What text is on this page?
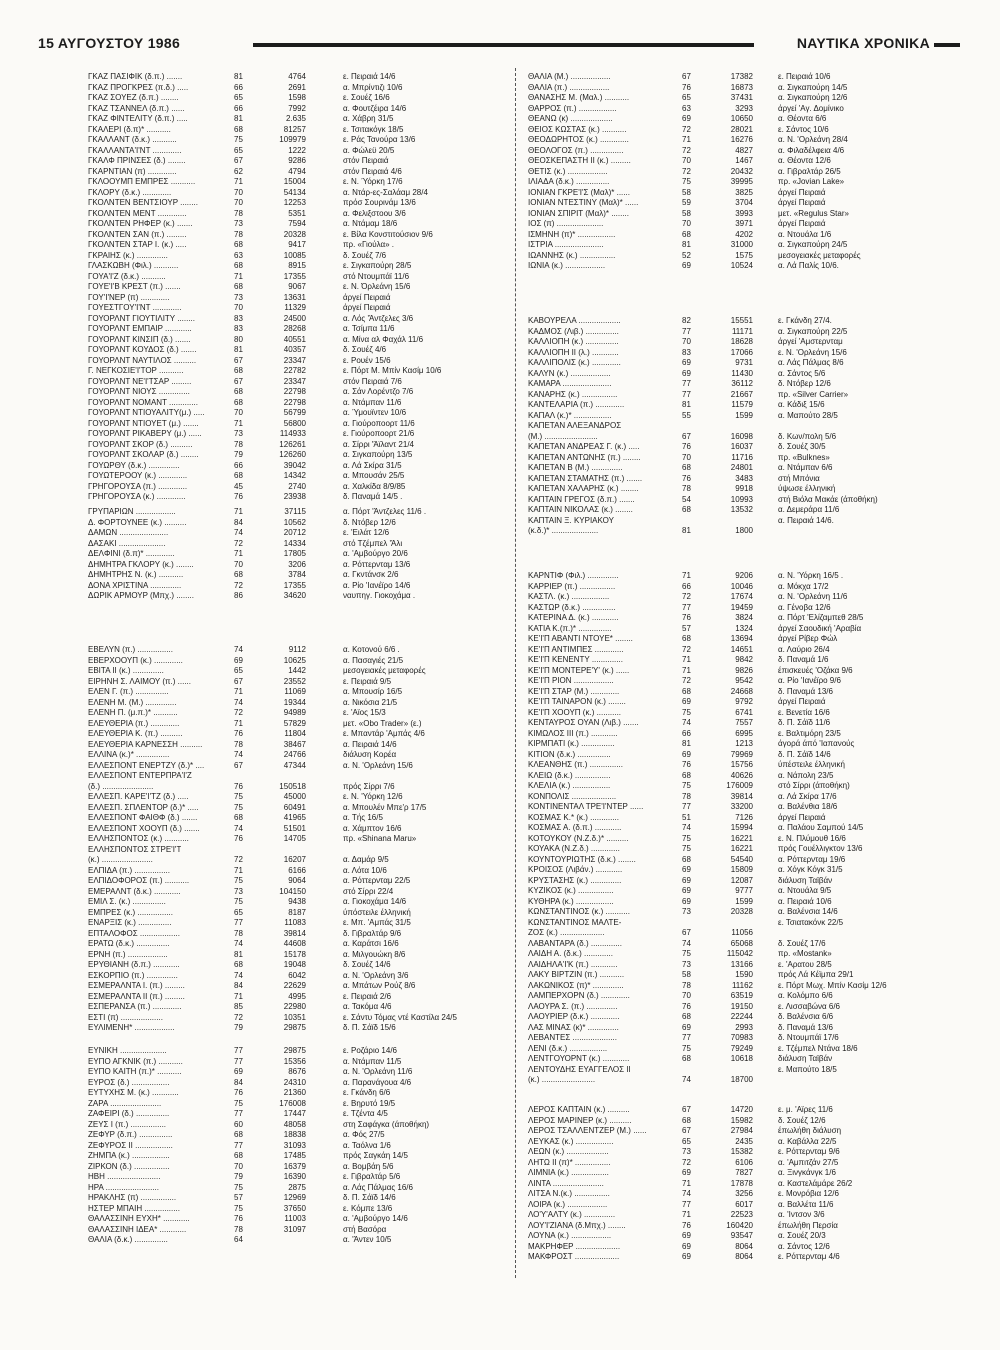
15 ΑΥΓΟΥΣΤΟΥ 1986	ΝΑΥΤΙΚΑ ΧΡΟΝΙΚΑ
ΓΚΑΖ ΠΑΣΙΦΙΚ (δ.π.) .......	81	4764	ε. Πειραιά 14/6
ΓΚΑΖ ΠΡΟΓΚΡΕΣ (π.δ.) .....	66	2691	α. Μπρίντιζι 10/6
ΓΚΑΖ ΣΟΥΕΖ (δ.π.) ........	65	1598	ε. Σουέζ 16/6
ΓΚΑΖ ΤΣΑΝΝΕΛ (δ.π.) ......	66	7992	α. Φουτζέιρα 14/6
ΓΚΑΖ ΦΙΝΤΕΛΙΤΥ (δ.π.) .....	81	2.635	α. Χάβρη 31/5
ΓΚΑΛΕΡΙ (δ.π)* ...........	68	81257	ε. Τσιτακόγκ 18/5
ΓΚΑΛΛΑΝΤ (δ.κ.) ...........	75	109979	ε. Ράς Τανούρα 13/6
ΓΚΑΛΛΑΝΤΑ'Ι'ΝΤ .............	65	1222	α. Φώλεϋ 20/5
ΓΚΑΛΦ ΠΡΙΝΣΕΣ (δ.) ........	67	9286	στόν Πειραιά
ΓΚΑΡΝΤΙΑΝ (π) .............	62	4794	στόν Πειραιά 4/6
ΓΚΛΟΟΥΜΠ ΕΜΠΡΕΣ ...........	71	15004	ε. Ν. Ύόρκη 17/6
ΓΚΛΟΡΥ (δ.κ.) .............	70	54134	α. Ντάρ-ες-Σαλάαμ 28/4
ΓΚΟΛΝΤΕΝ ΒΕΝΤΣΙΟΥΡ ........	70	12253	πρόσ Σουρινάμ 13/6
ΓΚΟΛΝΤΕΝ ΜΕΝΤ .............	78	5351	α. Φελιξστοου 3/6
ΓΚΟΛΝΤΕΝ ΡΗΦΕΡ (κ.) .......	73	7594	α. Ντάμαμ 18/6
ΓΚΟΛΝΤΕΝ ΣΑΝ (π.) .........	78	20328	ε. Βίλα Κονστιτούσιον 9/6
ΓΚΟΛΝΤΕΝ ΣΤΑΡ Ι. (κ.) .....	68	9417	πρ. «Γιούλα» .
ΓΚΡΑΙΗΣ (κ.) ..............	63	10085	δ. Σουέζ 7/6
ΓΛΑΣΚΩΒΗ (Φιλ.) ...........	68	8915	ε. Σιγκαπούρη 28/5
ΓΟΥΑ'Ι'Ζ (δ.κ.) ...........	71	17355	στό Ντουμπάϊ 11/6
ΓΟΥΕ'Ι'Β ΚΡΕΣΤ (π.) .......	68	9067	ε. Ν. Όρλεάνη 15/6
ΓΟΥ'Ι'ΝΕΡ (π) .............	73	13631	άργεί Πειραιά
ΓΟΥΕΣΤΓΟΥ'Ι'ΝΤ .............	70	11329	άργεί Πειραιά
ΓΟΥΟΡΛΝΤ ΓΙΟΥΤΙΛΙΤΥ ........	83	24500	α. Λός 'Άντζελες 3/6
ΓΟΥΟΡΛΝΤ ΕΜΠΑΙΡ ............	83	28268	α. Τσίμπα 11/6
ΓΟΥΟΡΛΝΤ ΚΙΝΣΙΠ (δ.) .......	80	40551	α. Μίνα αλ Φαχάλ 11/6
ΓΟΥΟΡΛΝΤ ΚΟΥΔΟΣ (δ.) .......	81	40357	δ. Σουέζ 4/6
ΓΟΥΟΡΛΝΤ ΝΑΥΤΙΛΟΣ ..........	67	23347	ε. Ρουέν 15/6
Γ. ΝΕΓΚΟΣΙΕ'Ι'ΤΟΡ ...........	68	22782	ε. Πόρτ Μ. Μπίν Κασίμ 10/6
ΓΟΥΟΡΛΝΤ ΝΕ'Ι'ΤΣΑΡ .........	67	23347	στόν Πειραιά 7/6
ΓΟΥΟΡΛΝΤ ΝΙΟΥΣ ..............	68	22798	α. Σάν Λορέντζο 7/6
ΓΟΥΟΡΛΝΤ ΝΟΜΑΝΤ .............	68	22798	α. Ντάμπαν 11/6
ΓΟΥΟΡΛΝΤ ΝΤΙΟΥΑΛΙΤΥ(μ.) .....	70	56799	α. Ύμουϊντεν 10/6
ΓΟΥΟΡΛΝΤ ΝΤΙΟΥΕΤ (μ.) .......	71	56800	α. Γιούροποορτ 11/6
ΓΟΥΟΡΛΝΤ ΡΙΚΑΒΕΡΥ (μ.) ......	73	114933	ε. Γιούροποορτ 21/6
ΓΟΥΟΡΛΝΤ ΣΚΟΡ (δ.) ..........	78	126261	α. Σίρρι 'Άϊλαντ 21/4
ΓΟΥΟΡΛΝΤ ΣΚΟΛΑΡ (δ.) ........	79	126260	α. Σιγκαπούρη 13/5
ΓΟΥΩΡΘΥ (δ.κ.) ..............	66	39042	α. Λά Σκίρα 31/5
ΓΟΥΩΤΕΡΟΟΥ (κ.) .............	68	14342	α. Μπουσάν 25/5
ΓΡΗΓΟΡΟΥΣΑ (π.) .............	45	2740	α. Χαλκίδα 8/9/85
ΓΡΗΓΟΡΟΥΣΑ (κ.) .............	76	23938	δ. Παναμά 14/5 .
ΓΡΥΠΑΡΙΩΝ ..................	71	37115	α. Πόρτ 'Άντζελες 11/6 .
Δ. ΦΟΡΤΟΥΝΕΕ (κ.) ..........	84	10562	δ. Ντόβερ 12/6
ΔΑΜΩΝ ......................	74	20712	ε. 'Ειλάτ 12/6
ΔΑΣΑΚΙ .....................	72	14334	στό Τζέμπελ 'Άλι
ΔΕΛΦΙΝΙ (δ.π)* .............	71	17805	α. 'Αμβούργο 20/6
ΔΗΜΗΤΡΑ ΓΚΛΟΡΥ (κ.) ........	70	3206	α. Ρόττερνταμ 13/6
ΔΗΜΗΤΡΗΣ Ν. (κ.) ...........	68	3784	α. Γκντάνσκ 2/6
ΔΟΝΑ ΧΡΙΣΤΙΝΑ ..............	72	17355	α. Ρίο 'Ιανέϊρο 14/6
ΔΩΡΙΚ ΑΡΜΟΥΡ (Μπχ.) ........	86	34620	ναυπηγ. Γιοκοχάμα .
ΕΒΕΛΥΝ (π.) ................	74	9112	α. Κοτονού 6/6 .
ΕΒΕΡΧΟΟΥΠ (κ.) .............	69	10625	α. Πασαγιές 21/5
ΕΒΙΤΑ ΙΙ (κ.) ..............	65	1442	μεσογειακές μεταφορές
ΕΙΡΗΝΗ Σ. ΛΑΙΜΟΥ (π.) ......	67	23552	ε. Πειραιά 9/5
ΕΛΕΝ Γ. (π.) ...............	71	11069	α. Μπουσίρ 16/5
ΕΛΕΝΗ Μ. (Μ.) ..............	74	19344	α. Νικόσια 21/5
ΕΛΕΝΗ Π. (μ.π.)* ...........	72	94989	ε. 'Αϊος 15/3
ΕΛΕΥΘΕΡΙΑ (π.) .............	71	57829	μετ. «Obo Trader» (ε.)
ΕΛΕΥΘΕΡΙΑ Κ. (π.) ..........	76	11804	ε. Μπαντάρ 'Αμπάς 4/6
ΕΛΕΥΘΕΡΙΑ ΚΑΡΝΕΣΣΗ ..........	78	38467	α. Πειραιά 14/6
ΕΛΛΙΝΑ (κ.)* ...............	74	24766	διάλυση Κορέα
ΕΛΛΕΣΠΟΝΤ ΕΝΕΡΤΖΥ (δ.)* ....	67	47344	α. Ν. 'Ορλεάνη 15/6
ΕΛΛΕΣΠΟΝΤ ΕΝΤΕΡΠΡΑ'Ι'Ζ
(δ.) .......................	76	150518	πρός Σίρρι 7/6
ΕΛΛΕΣΠ. ΚΑΡΕ'Ι'ΤΖ (δ.) .....	75	45000	ε. Ν. 'Υόρκη 12/6
ΕΛΛΕΣΠ. ΣΠΛΕΝΤΟΡ (δ.)* .....	75	60491	α. Μπουλέν Μπε'ρ 17/5
ΕΛΛΕΣΠΟΝΤ ΦΑΙΘΦ (δ.) .......	68	41965	α. Τής 16/5
ΕΛΛΕΣΠΟΝΤ ΧΟΟΥΠ (δ.) .......	74	51501	α. Χάμπτον 16/6
ΕΛΛΗΣΠΟΝΤΟΣ (κ.) ...........	76	14705	πρ. «Shinana Maru»
ΕΛΛΗΣΠΟΝΤΟΣ ΣΤΡΕ'Ι'Τ
(κ.) .......................	72	16207	α. Δαμάρ 9/5
ΕΛΠΙΔΑ (π.) ................	71	6166	α. Λότα 10/6
ΕΛΠΙΔΟΦΟΡΟΣ (π.) ...........	75	9064	α. Ρόττερνταμ 22/5
ΕΜΕΡΑΛΝΤ (δ.κ.) ............	73	104150	στό Σίρρι 22/4
ΕΜΙΛ Σ. (κ.) ...............	75	9438	α. Γιοκοχάμα 14/6
ΕΜΠΡΕΣ (κ.) ................	65	8187	ύπόστειλε έλληνική
ΕΝΑΡΞΙΣ (κ.) ...............	77	11083	ε. Μπ. 'Αμπάς 31/5
ΕΠΤΑΛΟΦΟΣ ..................	78	39814	δ. Γιβραλτάρ 9/6
ΕΡΑΤΩ (δ.κ.) ...............	74	44608	α. Καράτσι 16/6
ΕΡΝΗ (π.) ..................	81	15178	α. Μιλγουώκη 8/6
ΕΡΥΘΙΑΝΗ (δ.π.) ............	68	19048	δ. Σουέζ 14/6
ΕΣΚΟΡΠΙΟ (π.) ..............	74	6042	α. Ν. 'Ορλεάνη 3/6
ΕΣΜΕΡΑΛΝΤΑ Ι. (π.) .........	84	22629	α. Μπάτων Ρούζ 8/6
ΕΣΜΕΡΑΛΝΤΑ ΙΙ (π.) .........	71	4995	ε. Πειραιά 2/6
ΕΣΠΕΡΑΝΣΑ (π.) .............	85	22980	α. Τακόμα 4/6
ΕΣΤΙ (π) ...................	72	10351	ε. Σάντυ Τόμας ντέ Καστίλα 24/5
ΕΥΛΙΜΕΝΗ* ..................	79	29875	δ. Π. Σάϊδ 15/6
ΕΥΝΙΚΗ .....................	77	29875	ε. Ροζάριο 14/6
ΕΥΠΟ ΑΓΚΝΙΚ (π.) ...........	77	15356	α. Ντάμπαν 11/5
ΕΥΠΟ ΚΑΙΤΗ (π.)* ...........	69	8676	α. Ν. 'Ορλεάνη 11/6
ΕΥΡΟΣ (δ.) .................	84	24310	α. Παρανάγουα 4/6
ΕΥΤΥΧΗΣ Μ. (κ.) ............	76	21360	ε. Γκάνδη 6/6
ΖΑΡΑ .......................	75	176008	ε. Βηρυτό 19/5
ΖΑΦΕΙΡΙ (δ.) ...............	77	17447	ε. Τζέντα 4/5
ΖΕΥΣ Ι (π.) ................	60	48058	στη Σαφάγκα (άποθήκη)
ΖΕΦΥΡ (δ.π.) ...............	68	18838	α. Φός 27/5
ΖΕΦΥΡΟΣ ΙΙ .................	77	31093	α. Ταόλνα 1/6
ΖΗΜΠΑ (κ.) .................	68	17485	πρός Σαγκάη 14/5
ΖΙΡΚΟΝ (δ.) ................	70	16379	α. Βομβάη 5/6
ΗΒΗ ........................	79	16390	ε. Γιβραλτάρ 5/6
ΗΡΑ ........................	75	2875	α. Λάς Πάλμας 16/6
ΗΡΑΚΛΗΣ (π) ................	57	12969	δ. Π. Σάϊδ 14/6
ΗΣΤΕΡ ΜΠΑΙΗ ................	75	37650	ε. Κόμπε 13/6
ΘΑΛΑΣΣΙΝΗ ΕΥΧΗ* ............	76	11003	α. 'Αμβούργο 14/6
ΘΑΛΑΣΣΙΝΗ ΙΔΕΑ* ............	78	31097	στή Βασόρα
ΘΑΛΙΑ (δ.κ.) ...............	64	α. 'Άντεν 10/5
ΘΑΛΙΑ (Μ.) ..................	67	17382	ε. Πειραιά 10/6
ΘΑΛΙΑ (π.) ..................	76	16873	α. Σιγκαπούρη 14/5
ΘΑΝΑΣΗΣ Μ. (Μαλ.) ...........	65	37431	α. Σιγκαπούρη 12/6
ΘΑΡΡΟΣ (π.) .................	63	3293	άργεί 'Αγ. Δομίνικο
ΘΕΑΝΩ (κ) ...................	69	10650	α. Θέοντα 6/6
ΘΕΙΟΣ ΚΩΣΤΑΣ (κ.) ...........	72	28021	ε. Σάντος 10/6
ΘΕΟΔΩΡΗΤΟΣ (κ.) .............	71	16276	α. Ν. 'Ορλεάνη 28/4
ΘΕΟΛΟΓΟΣ (π.) ...............	72	4827	α. Φιλαδέλφεια 4/6
ΘΕΟΣΚΕΠΑΣΤΗ ΙΙ (κ.) .........	70	1467	α. Θέοντα 12/6
ΘΕΤΙΣ (κ.) ..................	72	20432	α. Γιβραλτάρ 26/5
ΙΛΙΑΔΑ (δ.κ.) ...............	75	39995	πρ. «Jovian Lake»
ΙΟΝΙΑΝ ΓΚΡΕ'Ι'Σ (Μαλ)* ......	58	3825	άργεί Πειραιά
ΙΟΝΙΑΝ ΝΤΕΣΤΙΝΥ (Μαλ)* ......	59	3704	άργεί Πειραιά
ΙΟΝΙΑΝ ΣΠΙΡΙΤ (Μαλ)* ........	58	3993	μετ. «Regulus Star»
ΙΟΣ (π) .....................	70	3971	άργεί Πειραιά
ΙΣΜΗΝΗ (π)* .................	68	4202	α. Ντουάλα 1/6
ΙΣΤΡΙΑ ......................	81	31000	α. Σιγκαπούρη 24/5
ΙΩΑΝΝΗΣ (κ.) ................	52	1575	μεσογειακές μεταφορές
ΙΩΝΙΑ (κ.) ..................	69	10524	α. Λά Παλίς 10/6.
ΚΑΒΟΥΡΕΛΑ ...................	82	15551	ε. Γκάνδη 27/4.
ΚΑΔΜΟΣ (Λιβ.) ...............	77	11171	α. Σιγκαπούρη 22/5
ΚΑΛΛΙΟΠΗ (κ.) ...............	70	18628	άργεί 'Αμστερνταμ
ΚΑΛΛΙΟΠΗ ΙΙ (λ.) ............	83	17066	ε. Ν. 'Ορλεάνη 15/6
ΚΑΛΛΙΠΟΛΙΣ (κ.) .............	69	9731	α. Λάς Πάλμας 8/6
ΚΑΛΥΝ (κ.) ..................	69	11430	α. Σάντος 5/6
ΚΑΜΑΡΑ ......................	77	36112	δ. Ντόβερ 12/6
ΚΑΝΑΡΗΣ (κ.) ................	77	21667	πρ. «Silver Carrier»
ΚΑΝΤΕΛΑΡΙΑ (π.) .............	81	11579	α. Κάδιξ 15/6
ΚΑΠΑΛ (κ.)* .................	55	1599	α. Μαπούτο 28/5
ΚΑΠΕΤΑΝ ΑΛΕΞΑΝΔΡΟΣ
(Μ.) ........................	67	16098	δ. Κων/πολη 5/6
ΚΑΠΕΤΑΝ ΑΝΔΡΕΑΣ Γ. (κ.) .....	76	16037	δ. Σουέζ 30/5
ΚΑΠΕΤΑΝ ΑΝΤΩΝΗΣ (π.) ........	70	11716	πρ. «Bulknes»
ΚΑΠΕΤΑΝ Β (Μ.) ..............	68	24801	α. Ντάμπαν 6/6
ΚΑΠΕΤΑΝ ΣΤΑΜΑΤΗΣ (π.) .......	76	3483	στή Μπόνια
ΚΑΠΕΤΑΝ ΧΑΛΑΡΗΣ (κ.) ........	78	9918	ύψωσε έλληνική
ΚΑΠΤΑΙΝ ΓΡΕΓΟΣ (δ.π.) .......	54	10993	στή Βιόλα Μακάε (άποθήκη)
ΚΑΠΤΑΙΝ ΝΙΚΟΛΑΣ (κ.) ........	68	13532	α. Δεμεράρα 11/6
ΚΑΠΤΑΙΝ Ξ. ΚΥΡΙΑΚΟΥ	α. Πειραιά 14/6.
(κ.δ.)* .....................	81	1800
ΚΑΡΝΤΙΦ (Φιλ.) ..............	71	9206	α. Ν. 'Υόρκη 16/5 .
ΚΑΡΡΙΕΡ (π.) ................	66	10046	α. Μόκχα 17/2
ΚΑΣΤΛ. (κ.) .................	72	17674	α. Ν. 'Ορλεάνη 11/6
ΚΑΣΤΩΡ (δ.κ.) ...............	77	19459	α. Γένοβα 12/6
ΚΑΤΕΡΙΝΑ Δ. (κ.) ............	76	3824	α. Πόρτ 'Ελίζαμπεθ 28/5
ΚΑΤΙΑ Κ.(π.)* ...............	57	1324	άργεί Σαουδική 'Αραβία
ΚΕ'Ι'Π ΑΒΑΝΤΙ ΝΤΟΥΕ* ........	68	13694	άργεί Ρίβερ Φώλ
ΚΕ'Ι'Π ΑΝΤΙΜΠΕΣ .............	72	14651	α. Λαύριο 26/4
ΚΕ'Ι'Π ΚΕΝΕΝΤΥ ..............	71	9842	δ. Παναμά 1/6
ΚΕ'Ι'Π ΜΟΝΤΕΡΕ'Υ' (κ.) ......	71	9826	έπισκευές 'Οζάκα 9/6
ΚΕ'Ι'Π ΡΙΟΝ ..................	72	9542	α. Ρίο 'Ιανέϊρο 9/6
ΚΕ'Ι'Π ΣΤΑΡ (Μ.) .............	68	24668	δ. Παναμά 13/6
ΚΕ'Ι'Π ΤΑΙΝΑΡΟΝ (κ.) ........	69	9792	άργεί Πειραιά
ΚΕ'Ι'Π ΧΟΟΥΠ (κ.) ...........	75	6741	ε. Βενετία 16/6
ΚΕΝΤΑΥΡΟΣ ΟΥΑΝ (Λιβ.) .......	74	7557	δ. Π. Σάϊδ 11/6
ΚΙΜΩΛΟΣ ΙΙΙ (π.) ............	66	6995	ε. Βαλτιμόρη 23/5
ΚΙΡΜΠΑΤΙ (κ.) ...............	81	1213	άγορά άπό 'Ιαπανούς
ΚΙΤΙΟΝ (δ.κ.) ...............	69	79969	δ. Π. Σάϊδ 14/6
ΚΛΕΑΝΘΗΣ (π.) ...............	76	15756	ύπέστειλε έλληνική
ΚΛΕΙΩ (δ.κ.) ................	68	40626	α. Νάπολη 23/5
ΚΛΕΛΙΑ (κ.) .................	75	176009	στό Σίρρι (άποθήκη)
ΚΟΝΠΟΛΙΣ ....................	78	39814	α. Λά Σκίρα 17/6
ΚΟΝΤΙΝΕΝΤΑΛ ΤΡΕ'Ι'ΝΤΕΡ ......	77	33200	α. Βαλένθια 18/6
ΚΟΣΜΑΣ Κ.* (κ.) .............	51	7126	άργεί Πειραιά
ΚΟΣΜΑΣ Α. (δ.π.) ............	74	15994	α. Παλάου Σαμπού 14/5
ΚΟΤΟΥΚΟΥ (Ν.Ζ.δ.)* ..........	75	16221	ε. Ν. Πλύμουθ 16/6
ΚΟΥΑΚΑ (Ν.Ζ.δ.) .............	75	16221	πρός Γουέλλιγκτον 13/6
ΚΟΥΝΤΟΥΡΙΩΤΗΣ (δ.κ.) ........	68	54540	α. Ρόττερνταμ 19/6
ΚΡΟΙΣΟΣ (Λιβάν.) ............	69	15809	α. Χόγκ Κόγκ 31/5
ΚΡΥΣΤΑΣΗΣ (κ.) ..............	69	12087	διάλυση Ταϊβάν
ΚΥΖΙΚΟΣ (κ.) ................	69	9777	α. Ντουάλα 9/5
ΚΥΘΗΡΑ (κ.) .................	69	1599	α. Πειραιά 10/6
ΚΩΝΣΤΑΝΤΙΝΟΣ (κ.) ...........	73	20328	α. Βαλένσια 14/6
ΚΩΝΣΤΑΝΤΙΝΟΣ ΜΑΛΤΕ-	ε. Τσιατακόνκ 22/5
ΖΟΣ (κ.) ....................	67	11056
ΛΑΒΑΝΤΑΡΑ (δ.) ..............	74	65068	δ. Σουέζ 17/6
ΛΑΙΔΗ Α. (δ.κ.) .............	75	115042	πρ. «Mostank»
ΛΑΙΔΗΛΑ'Ι'Κ (π.) ............	73	13166	ε. 'Αρατου 28/5
ΛΑΚΥ ΒΙΡΤΖΙΝ (π.) ...........	58	1590	πρός Λά Κέϊμπα 29/1
ΛΑΚΩΝΙΚΟΣ (π)* ..............	78	11162	ε. Πόρτ Μωχ. Μπίν Κασίμ 12/6
ΛΑΜΠΕΡΧΟΡΝ (δ.) .............	70	63519	α. Κολόμπο 6/6
ΛΑΟΥΡΑ Σ. (π.) ..............	76	19150	ε. Λισσαβώνα 6/6
ΛΑΟΥΡΙΕΡ (δ.κ.) .............	68	22244	δ. Βαλένσια 6/6
ΛΑΣ ΜΙΝΑΣ (κ)* ..............	69	2993	δ. Παναμά 13/6
ΛΕΒΑΝΤΕΣ ....................	77	70983	δ. Ντουμπάϊ 17/6
ΛΕΝΙ (δ.κ.) .................	75	79249	ε. Τζέμπελ Ντάνα 18/6
ΛΕΝΤΓΟΥΟΡΝΤ (κ.) ............	68	10618	διάλυση Ταϊβάν
ΛΕΝΤΟΥΔΗΣ ΕΥΑΓΓΕΛΟΣ ΙΙ	ε. Μαπούτο 18/5
(κ.) ........................	74	18700
ΛΕΡΟΣ ΚΑΠΤΑΙΝ (κ.) ..........	67	14720	ε. μ. 'Αϊρες 11/6
ΛΕΡΟΣ ΜΑΡΙΝΕΡ (κ.) ..........	68	15982	δ. Σουέζ 12/6
ΛΕΡΟΣ ΤΣΑΛΛΕΝΤΖΕΡ (Μ.) ......	67	27984	έπωλήθη διάλυση
ΛΕΥΚΑΣ (κ.) .................	65	2435	α. Καβάλλα 22/5
ΛΕΩΝ (κ.) ...................	73	15382	ε. Ρόττερνταμ 9/6
ΛΗΤΩ ΙΙ (π)* ................	72	6106	α. 'Αμπιτζάν 27/5
ΛΙΜΝΙΑ (κ.) .................	69	7827	α. Ξινγκάνγκ 1/6
ΛΙΝΤΑ .......................	71	17878	α. Καστελάμάρε 26/2
ΛΙΤΣΑ Ν.(κ.) ................	74	3256	ε. Μονρόβια 12/6
ΛΟΙΡΑ (κ.) ..................	77	6017	α. Βαλλέτα 11/6
ΛΟ'Υ'ΑΛΤΥ (κ.) ..............	71	22523	α. 'Ιντσον 3/6
ΛΟΥ'Ι'ΖΙΑΝΑ (δ.Μπχ.) ........	76	160420	έπωλήθη Περσία
ΛΟΥΝΑ (κ.) ..................	69	93547	α. Σουέζ 20/3
ΜΑΚΡΗΦΕΡ ....................	69	8064	α. Σάντος 12/6
ΜΑΚΦΡΟΣΤ ....................	69	8064	ε. Ρόττερνταμ 4/6
